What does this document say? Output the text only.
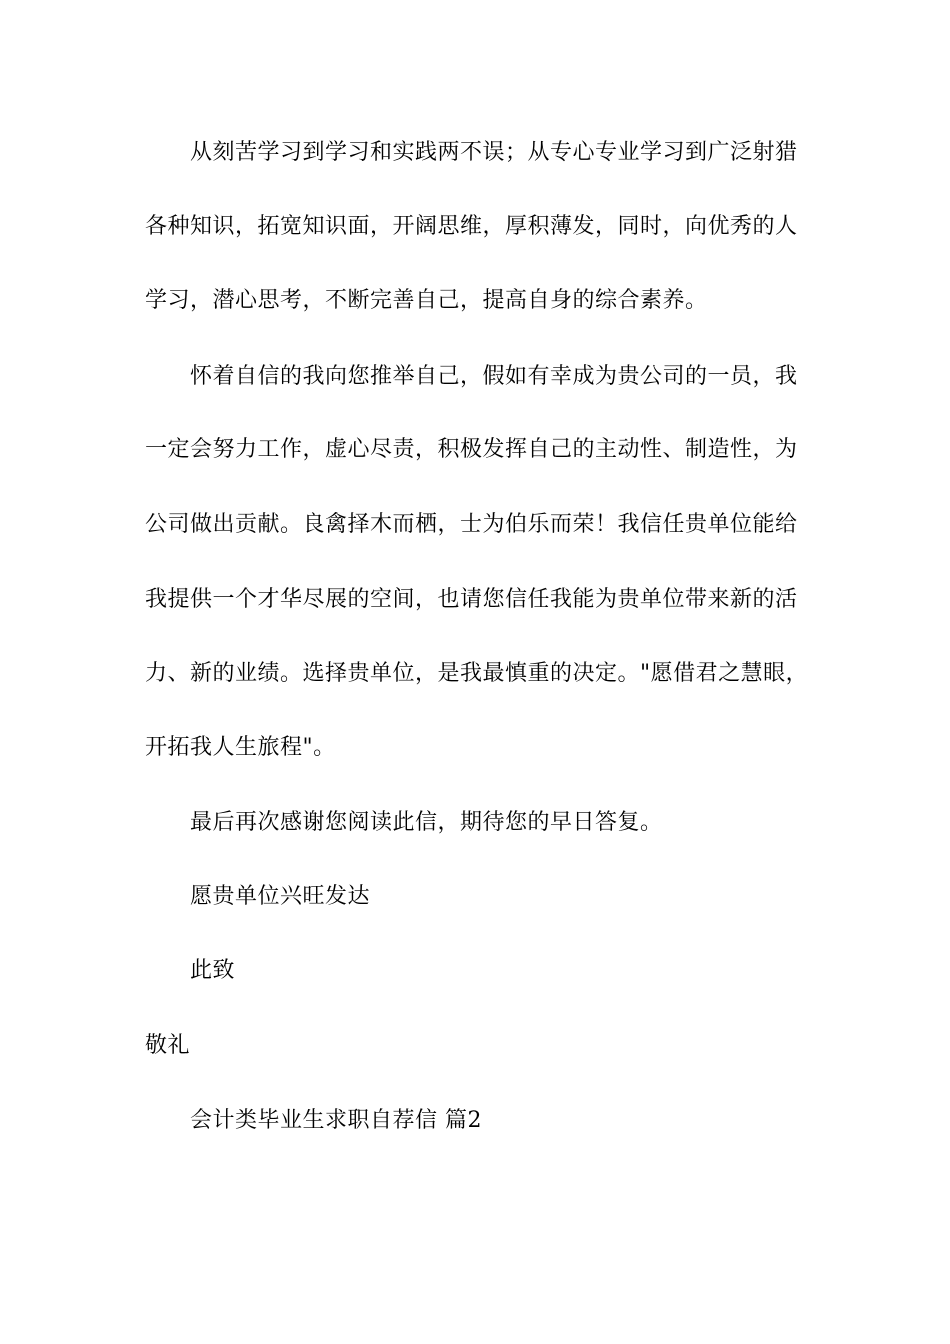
从刻苦学习到学习和实践两不误；从专心专业学习到广泛射猎
各种知识，拓宽知识面，开阔思维，厚积薄发，同时，向优秀的人
学习，潜心思考，不断完善自己，提高自身的综合素养。
怀着自信的我向您推举自己，假如有幸成为贵公司的一员，我
一定会努力工作，虚心尽责，积极发挥自己的主动性、制造性，为
公司做出贡献。良禽择木而栖，士为伯乐而荣！我信任贵单位能给
我提供一个才华尽展的空间，也请您信任我能为贵单位带来新的活
力、新的业绩。选择贵单位，是我最慎重的决定。"愿借君之慧眼，
开拓我人生旅程"。
最后再次感谢您阅读此信，期待您的早日答复。
愿贵单位兴旺发达
此致
敬礼
会计类毕业生求职自荐信 篇2
